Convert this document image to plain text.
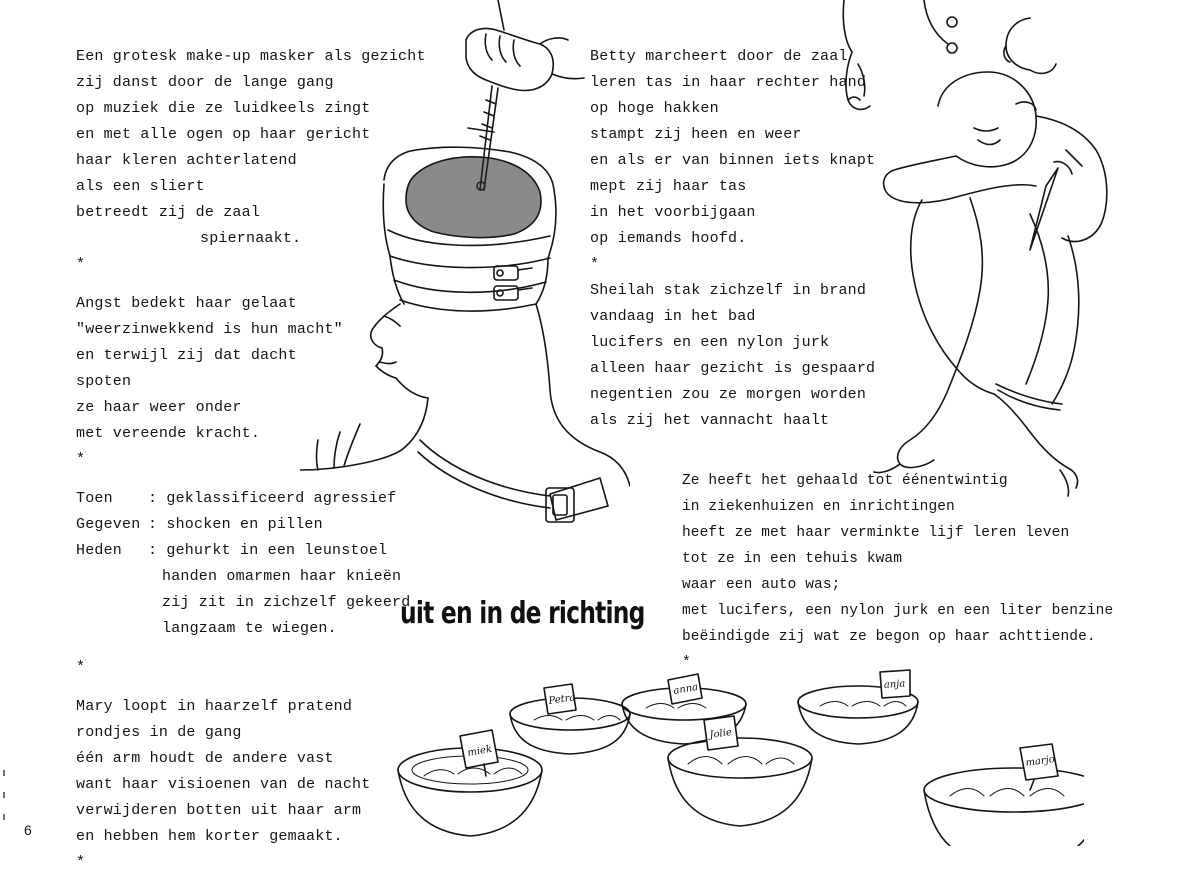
Een grotesk make-up masker als gezicht
zij danst door de lange gang
op muziek die ze luidkeels zingt
en met alle ogen op haar gericht
haar kleren achterlatend
als een sliert
betreedt zij de zaal
spiernaakt.
*
Angst bedekt haar gelaat
"weerzinwekkend is hun macht"
en terwijl zij dat dacht
spoten
ze haar weer onder
met vereende kracht.
*
Toen : geklassificeerd agressief
Gegeven : shocken en pillen
Heden : gehurkt in een leunstoel
handen omarmen haar knieën
zij zit in zichzelf gekeerd
langzaam te wiegen.
*
Mary loopt in haarzelf pratend
rondjes in de gang
één arm houdt de andere vast
want haar visioenen van de nacht
verwijderen botten uit haar arm
en hebben hem korter gemaakt.
*
Betty marcheert door de zaal
leren tas in haar rechter hand
op hoge hakken
stampt zij heen en weer
en als er van binnen iets knapt
mept zij haar tas
in het voorbijgaan
op iemands hoofd.
*
Sheilah stak zichzelf in brand
vandaag in het bad
lucifers en een nylon jurk
alleen haar gezicht is gespaard
negentien zou ze morgen worden
als zij het vannacht haalt
Ze heeft het gehaald tot éénentwintig
in ziekenhuizen en inrichtingen
heeft ze met haar verminkte lijf leren leven
tot ze in een tehuis kwam
waar een auto was;
met lucifers, een nylon jurk en een liter benzine
beëindigde zij wat ze begon op haar achttiende.
*
uit en in de richting
6
miek
Petra
anna
Jolie
anja
marjo
